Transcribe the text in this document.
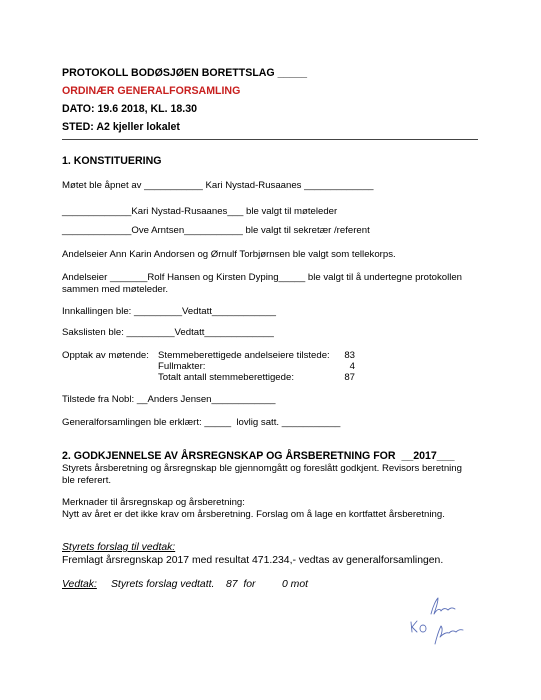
PROTOKOLL BODØSJØEN BORETTSLAG _____
ORDINÆR GENERALFORSAMLING
DATO: 19.6 2018, KL. 18.30
STED: A2 kjeller lokalet
1. KONSTITUERING
Møtet ble åpnet av ___________ Kari Nystad-Rusaanes _____________
_____________Kari Nystad-Rusaanes___ ble valgt til møteleder
_____________Ove Arntsen___________ ble valgt til sekretær /referent
Andelseier Ann Karin Andorsen og Ørnulf Torbjørnsen ble valgt som tellekorps.
Andelseier _______Rolf Hansen og Kirsten Dyping_____ ble valgt til å undertegne protokollen
sammen med møteleder.
Innkallingen ble: _________Vedtatt____________
Sakslisten ble: _________Vedtatt_____________
Opptak av møtende: Stemmeberettigede andelseiere tilstede:	83
Fullmakter:	4
Totalt antall stemmeberettigede:	87
Tilstede fra Nobl: __Anders Jensen____________
Generalforsamlingen ble erklært: _____  lovlig satt. ___________
2. GODKJENNELSE AV ÅRSREGNSKAP OG ÅRSBERETNING FOR  __2017___
Styrets årsberetning og årsregnskap ble gjennomgått og foreslått godkjent. Revisors beretning
ble referert.
Merknader til årsregnskap og årsberetning:
Nytt av året er det ikke krav om årsberetning. Forslag om å lage en kortfattet årsberetning.
Styrets forslag til vedtak:
Fremlagt årsregnskap 2017 med resultat 471.234,- vedtas av generalforsamlingen.
Vedtak: Styrets forslag vedtatt. 87  for	0 mot
